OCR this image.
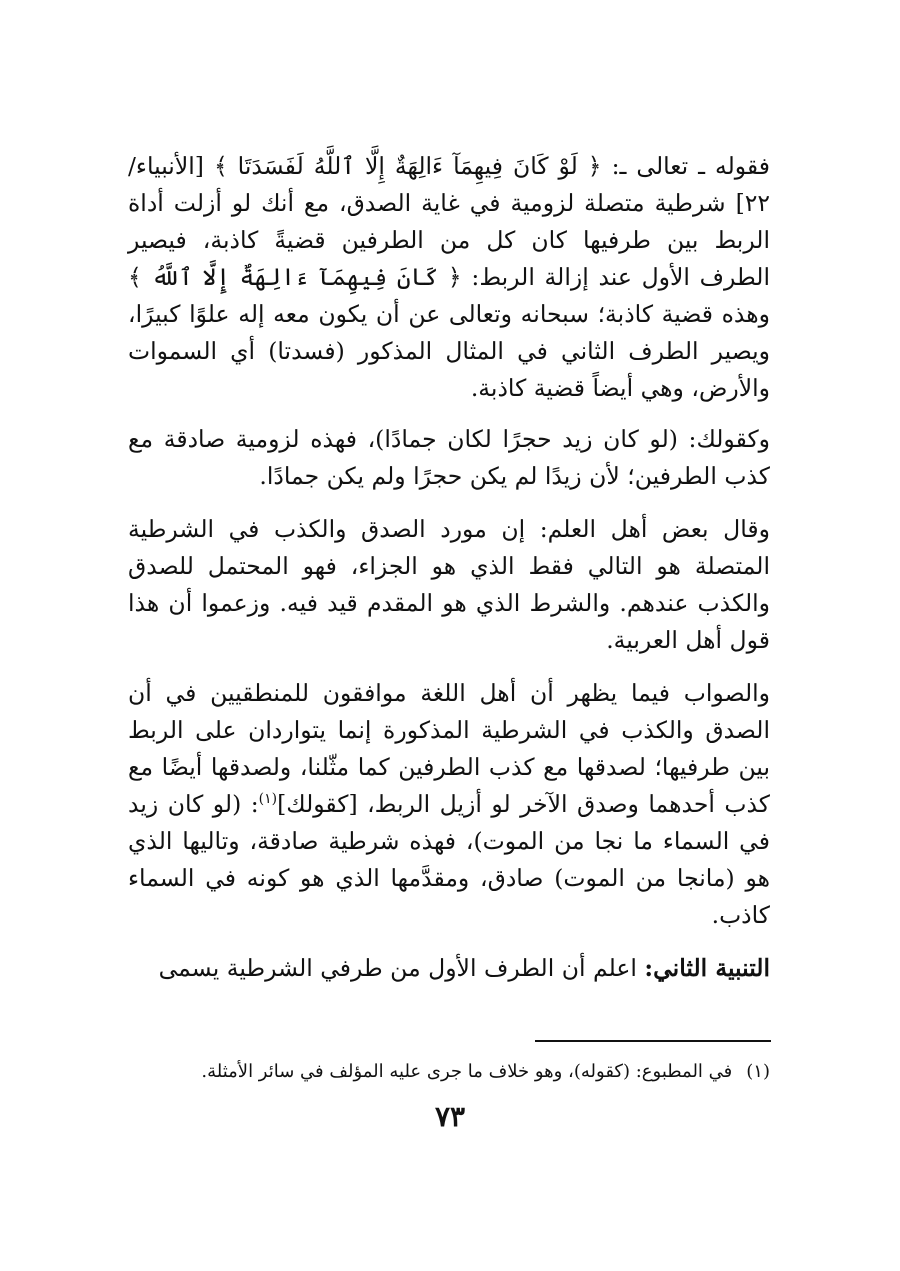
فقوله ـ تعالى ـ: ﴿ لَوْ كَانَ فِيهِمَآ ءَالِهَةٌ إِلَّا ٱللَّهُ لَفَسَدَتَا ﴾ [الأنبياء/ ٢٢] شرطية متصلة لزومية في غاية الصدق، مع أنك لو أزلت أداة الربط بين طرفيها كان كل من الطرفين قضيةً كاذبة، فيصير الطرف الأول عند إزالة الربط: ﴿ كَانَ فِيهِمَآ ءَالِهَةٌ إِلَّا ٱللَّهُ ﴾ وهذه قضية كاذبة؛ سبحانه وتعالى عن أن يكون معه إله علوًا كبيرًا، ويصير الطرف الثاني في المثال المذكور (فسدتا) أي السموات والأرض، وهي أيضاً قضية كاذبة.

وكقولك: (لو كان زيد حجرًا لكان جمادًا)، فهذه لزومية صادقة مع كذب الطرفين؛ لأن زيدًا لم يكن حجرًا ولم يكن جمادًا.

وقال بعض أهل العلم: إن مورد الصدق والكذب في الشرطية المتصلة هو التالي فقط الذي هو الجزاء، فهو المحتمل للصدق والكذب عندهم. والشرط الذي هو المقدم قيد فيه. وزعموا أن هذا قول أهل العربية.

والصواب فيما يظهر أن أهل اللغة موافقون للمنطقيين في أن الصدق والكذب في الشرطية المذكورة إنما يتواردان على الربط بين طرفيها؛ لصدقها مع كذب الطرفين كما مثّلنا، ولصدقها أيضًا مع كذب أحدهما وصدق الآخر لو أزيل الربط، [كقولك]$^{(١)}$: (لو كان زيد في السماء ما نجا من الموت)، فهذه شرطية صادقة، وتاليها الذي هو (مانجا من الموت) صادق، ومقدَّمها الذي هو كونه في السماء كاذب.

التنبية الثاني: اعلم أن الطرف الأول من طرفي الشرطية يسمى

(١)في المطبوع: (كقوله)، وهو خلاف ما جرى عليه المؤلف في سائر الأمثلة.
٧٣
